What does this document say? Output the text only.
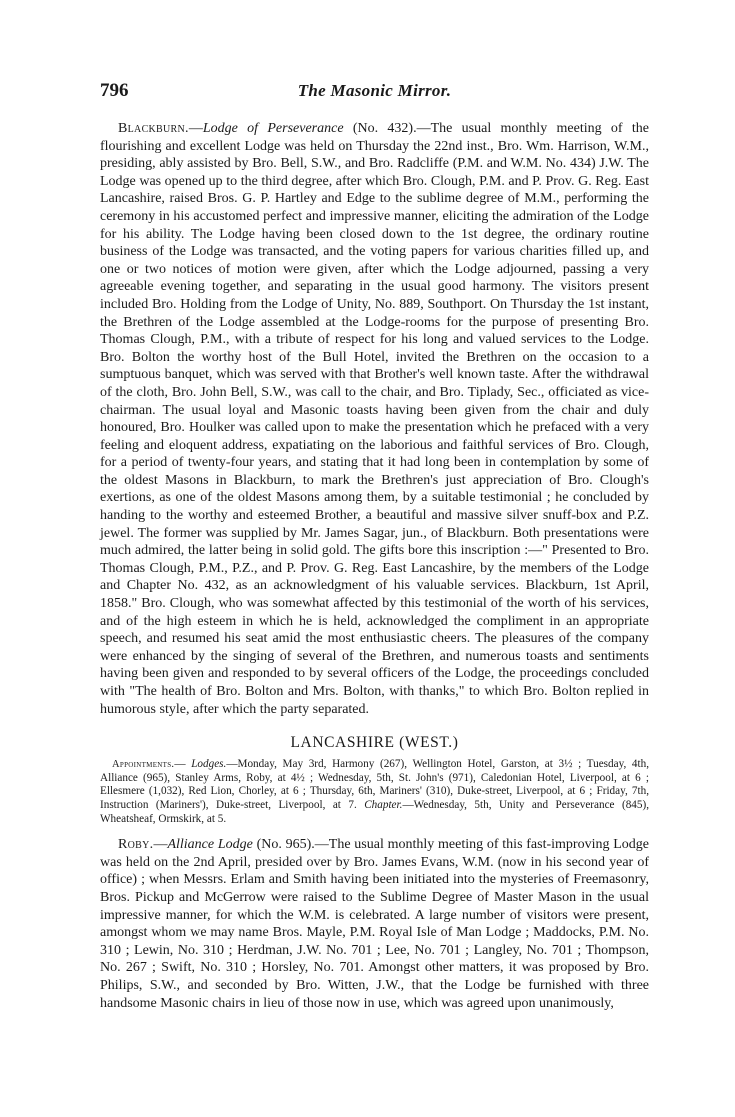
796	The Masonic Mirror.

Blackburn.—Lodge of Perseverance (No. 432).—The usual monthly meeting of the flourishing and excellent Lodge was held on Thursday the 22nd inst., Bro. Wm. Harrison, W.M., presiding, ably assisted by Bro. Bell, S.W., and Bro. Radcliffe (P.M. and W.M. No. 434) J.W. The Lodge was opened up to the third degree, after which Bro. Clough, P.M. and P. Prov. G. Reg. East Lancashire, raised Bros. G. P. Hartley and Edge to the sublime degree of M.M., performing the ceremony in his accustomed perfect and impressive manner, eliciting the admiration of the Lodge for his ability. The Lodge having been closed down to the 1st degree, the ordinary routine business of the Lodge was transacted, and the voting papers for various charities filled up, and one or two notices of motion were given, after which the Lodge adjourned, passing a very agreeable evening together, and separating in the usual good harmony. The visitors present included Bro. Holding from the Lodge of Unity, No. 889, Southport. On Thursday the 1st instant, the Brethren of the Lodge assembled at the Lodge-rooms for the purpose of presenting Bro. Thomas Clough, P.M., with a tribute of respect for his long and valued services to the Lodge. Bro. Bolton the worthy host of the Bull Hotel, invited the Brethren on the occasion to a sumptuous banquet, which was served with that Brother's well known taste. After the withdrawal of the cloth, Bro. John Bell, S.W., was call to the chair, and Bro. Tiplady, Sec., officiated as vice-chairman. The usual loyal and Masonic toasts having been given from the chair and duly honoured, Bro. Houlker was called upon to make the presentation which he prefaced with a very feeling and eloquent address, expatiating on the laborious and faithful services of Bro. Clough, for a period of twenty-four years, and stating that it had long been in contemplation by some of the oldest Masons in Blackburn, to mark the Brethren's just appreciation of Bro. Clough's exertions, as one of the oldest Masons among them, by a suitable testimonial ; he concluded by handing to the worthy and esteemed Brother, a beautiful and massive silver snuff-box and P.Z. jewel. The former was supplied by Mr. James Sagar, jun., of Blackburn. Both presentations were much admired, the latter being in solid gold. The gifts bore this inscription :—" Presented to Bro. Thomas Clough, P.M., P.Z., and P. Prov. G. Reg. East Lancashire, by the members of the Lodge and Chapter No. 432, as an acknowledgment of his valuable services. Blackburn, 1st April, 1858." Bro. Clough, who was somewhat affected by this testimonial of the worth of his services, and of the high esteem in which he is held, acknowledged the compliment in an appropriate speech, and resumed his seat amid the most enthusiastic cheers. The pleasures of the company were enhanced by the singing of several of the Brethren, and numerous toasts and sentiments having been given and responded to by several officers of the Lodge, the proceedings concluded with "The health of Bro. Bolton and Mrs. Bolton, with thanks," to which Bro. Bolton replied in humorous style, after which the party separated.

LANCASHIRE (WEST.)

Appointments.— Lodges.—Monday, May 3rd, Harmony (267), Wellington Hotel, Garston, at 3½ ; Tuesday, 4th, Alliance (965), Stanley Arms, Roby, at 4½ ; Wednesday, 5th, St. John's (971), Caledonian Hotel, Liverpool, at 6 ; Ellesmere (1,032), Red Lion, Chorley, at 6 ; Thursday, 6th, Mariners' (310), Duke-street, Liverpool, at 6 ; Friday, 7th, Instruction (Mariners'), Duke-street, Liverpool, at 7. Chapter.—Wednesday, 5th, Unity and Perseverance (845), Wheatsheaf, Ormskirk, at 5.

Roby.—Alliance Lodge (No. 965).—The usual monthly meeting of this fast-improving Lodge was held on the 2nd April, presided over by Bro. James Evans, W.M. (now in his second year of office) ; when Messrs. Erlam and Smith having been initiated into the mysteries of Freemasonry, Bros. Pickup and McGerrow were raised to the Sublime Degree of Master Mason in the usual impressive manner, for which the W.M. is celebrated. A large number of visitors were present, amongst whom we may name Bros. Mayle, P.M. Royal Isle of Man Lodge ; Maddocks, P.M. No. 310 ; Lewin, No. 310 ; Herdman, J.W. No. 701 ; Lee, No. 701 ; Langley, No. 701 ; Thompson, No. 267 ; Swift, No. 310 ; Horsley, No. 701. Amongst other matters, it was proposed by Bro. Philips, S.W., and seconded by Bro. Witten, J.W., that the Lodge be furnished with three handsome Masonic chairs in lieu of those now in use, which was agreed upon unanimously,
